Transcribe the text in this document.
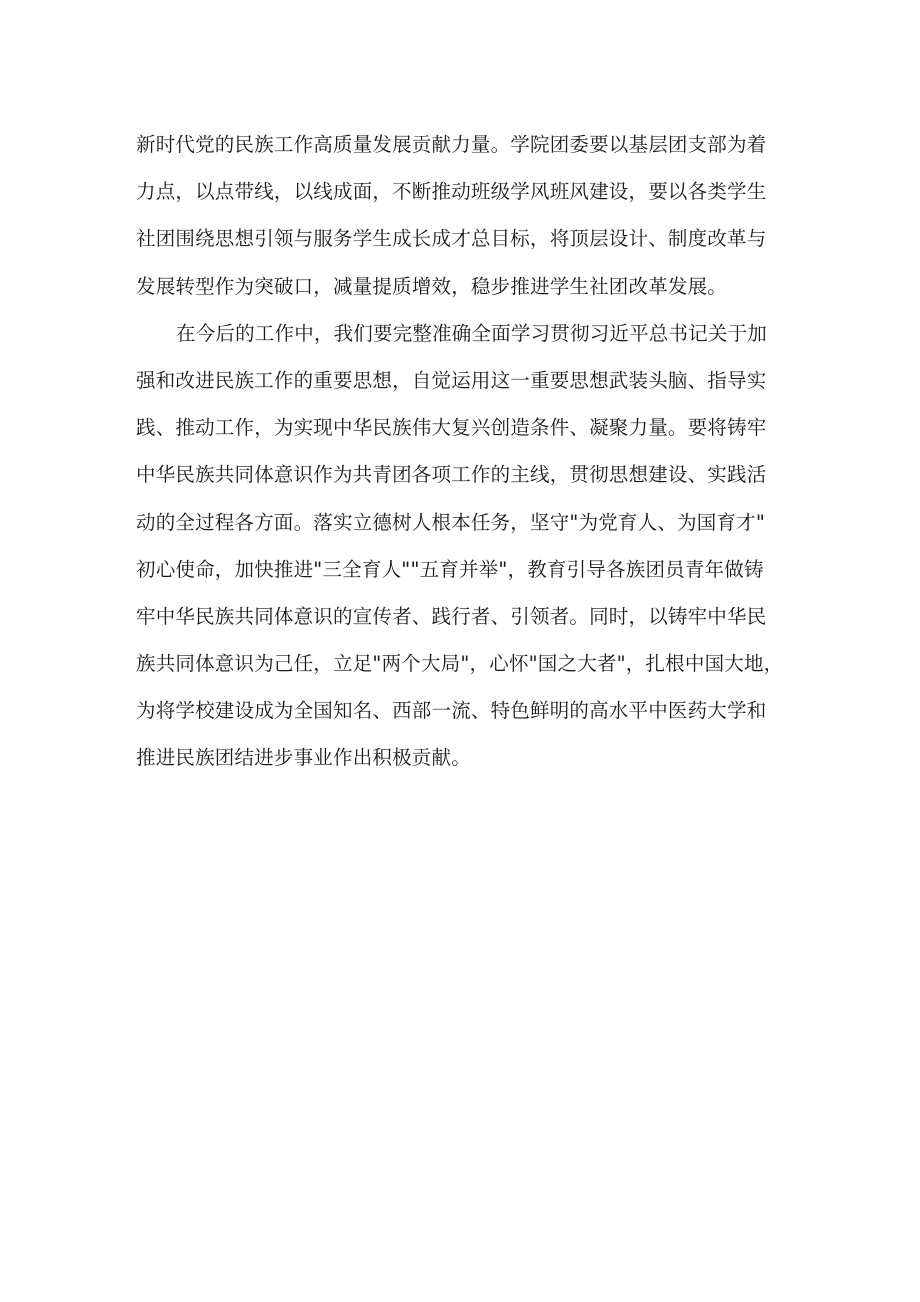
新时代党的民族工作高质量发展贡献力量。学院团委要以基层团支部为着
力点，以点带线，以线成面，不断推动班级学风班风建设，要以各类学生
社团围绕思想引领与服务学生成长成才总目标，将顶层设计、制度改革与
发展转型作为突破口，减量提质增效，稳步推进学生社团改革发展。
在今后的工作中，我们要完整准确全面学习贯彻习近平总书记关于加
强和改进民族工作的重要思想，自觉运用这一重要思想武装头脑、指导实
践、推动工作，为实现中华民族伟大复兴创造条件、凝聚力量。要将铸牢
中华民族共同体意识作为共青团各项工作的主线，贯彻思想建设、实践活
动的全过程各方面。落实立德树人根本任务，坚守"为党育人、为国育才"
初心使命，加快推进"三全育人""五育并举"，教育引导各族团员青年做铸
牢中华民族共同体意识的宣传者、践行者、引领者。同时，以铸牢中华民
族共同体意识为己任，立足"两个大局"，心怀"国之大者"，扎根中国大地，
为将学校建设成为全国知名、西部一流、特色鲜明的高水平中医药大学和
推进民族团结进步事业作出积极贡献。
